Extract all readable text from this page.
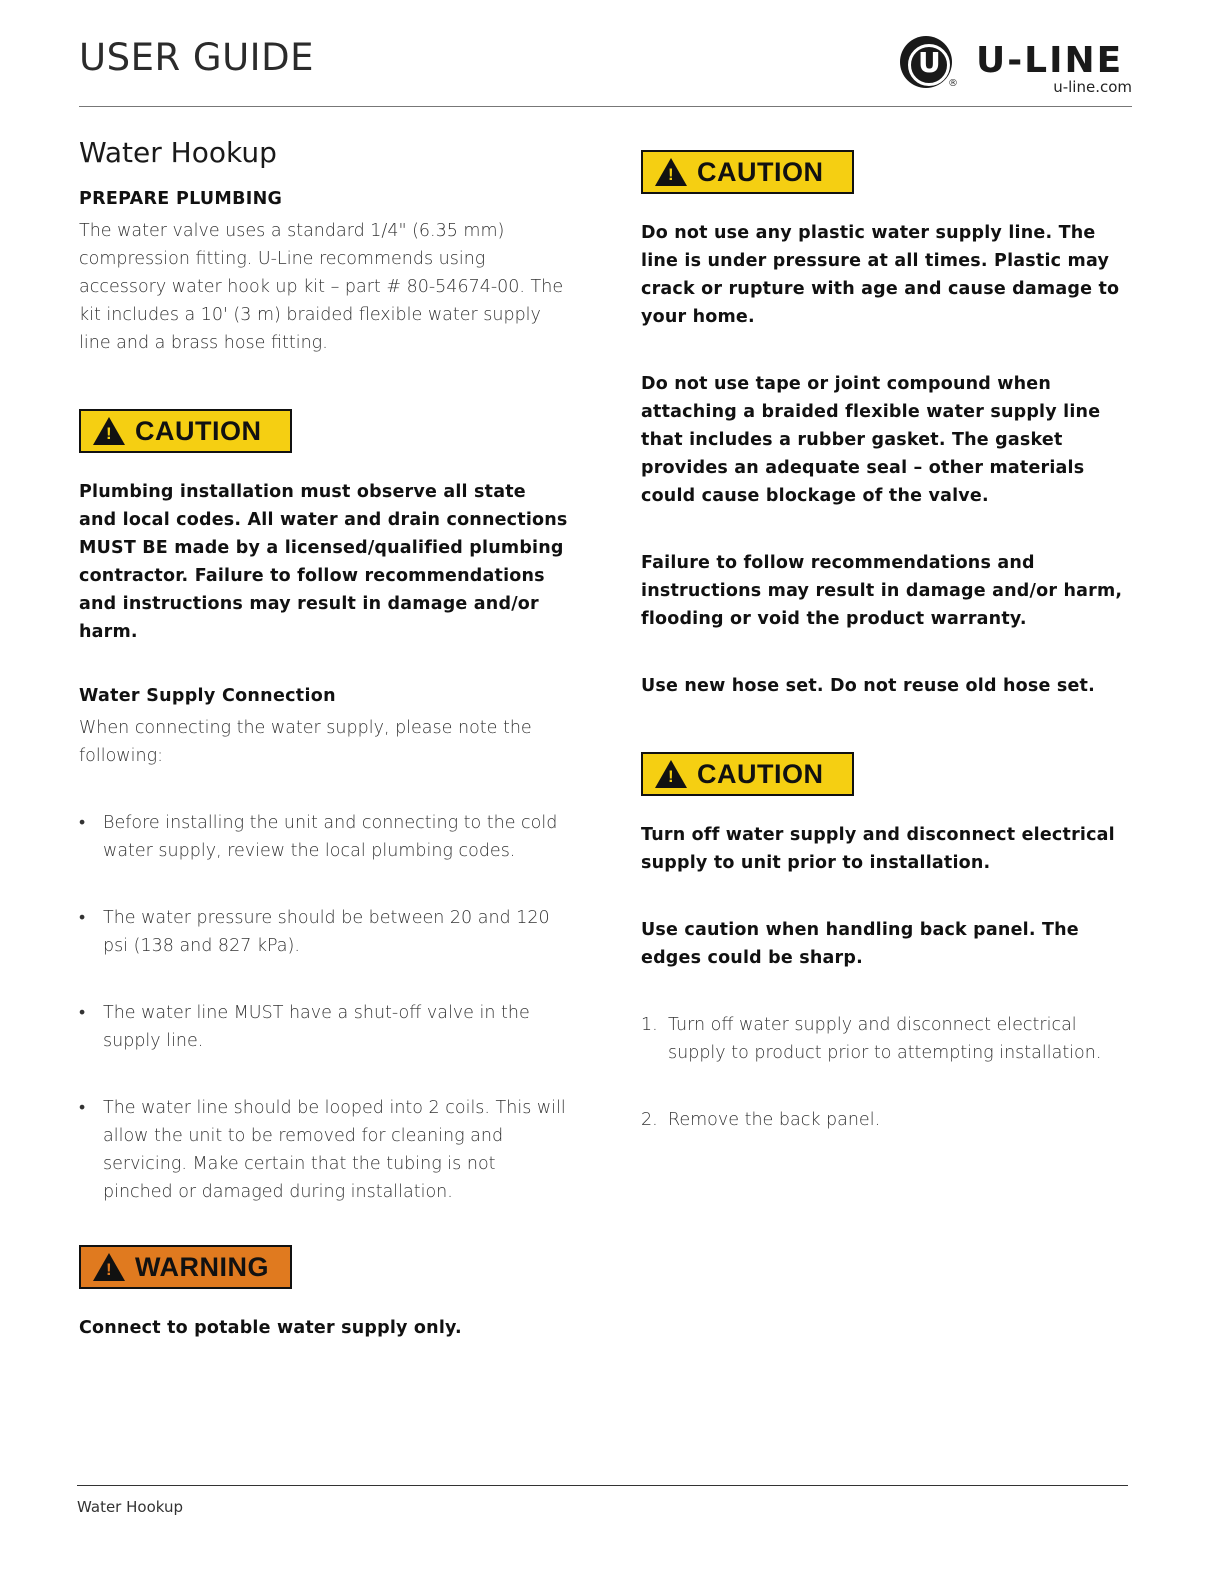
USER GUIDE	U
®
U-LINE
u-line.com
Water Hookup
PREPARE PLUMBING

The water valve uses a standard 1/4" (6.35 mm) compression fitting. U-Line recommends using accessory water hook up kit – part # 80-54674-00. The kit includes a 10' (3 m) braided flexible water supply line and a brass hose fitting.

! CAUTION

Plumbing installation must observe all state and local codes. All water and drain connections MUST BE made by a licensed/qualified plumbing contractor. Failure to follow recommendations and instructions may result in damage and/or harm.

Water Supply Connection

When connecting the water supply, please note the following:

• Before installing the unit and connecting to the cold water supply, review the local plumbing codes.
• The water pressure should be between 20 and 120 psi (138 and 827 kPa).
• The water line MUST have a shut-off valve in the supply line.
• The water line should be looped into 2 coils. This will allow the unit to be removed for cleaning and servicing. Make certain that the tubing is not pinched or damaged during installation.
! WARNING

Connect to potable water supply only.

! CAUTION

Do not use any plastic water supply line. The line is under pressure at all times. Plastic may crack or rupture with age and cause damage to your home.

Do not use tape or joint compound when attaching a braided flexible water supply line that includes a rubber gasket. The gasket provides an adequate seal – other materials could cause blockage of the valve.

Failure to follow recommendations and instructions may result in damage and/or harm, flooding or void the product warranty.

Use new hose set. Do not reuse old hose set.

! CAUTION

Turn off water supply and disconnect electrical supply to unit prior to installation.

Use caution when handling back panel. The edges could be sharp.

1. Turn off water supply and disconnect electrical supply to product prior to attempting installation.
2. Remove the back panel.
Water Hookup
